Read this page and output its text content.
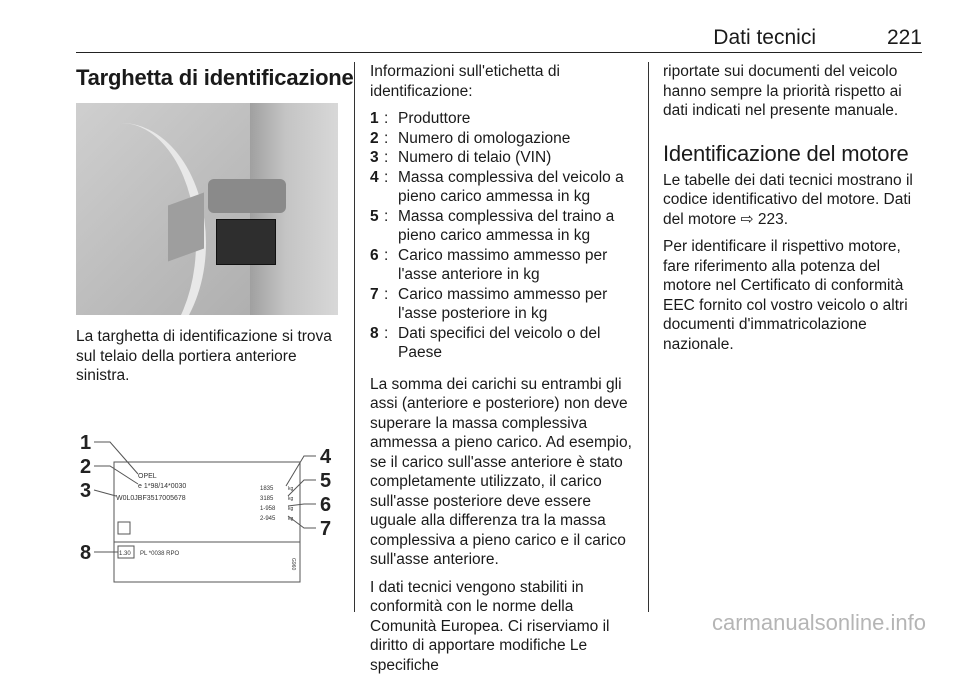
Dati tecnici	221
Targhetta di identificazione

La targhetta di identificazione si trova sul telaio della portiera anteriore sinistra.

OPEL
e 1*98/14*0030
W0L0JBF3517005678
1835
3185
1-958
2-945
kg
kg
kg
kg
1.30 PL *0038 RPO
G960
1
2
3
4
5
6
7
8

Informazioni sull'etichetta di identificazione:

1 : Produttore
2 : Numero di omologazione
3 : Numero di telaio (VIN)
4 : Massa complessiva del veicolo a pieno carico ammessa in kg
5 : Massa complessiva del traino a pieno carico ammessa in kg
6 : Carico massimo ammesso per l'asse anteriore in kg
7 : Carico massimo ammesso per l'asse posteriore in kg
8 : Dati specifici del veicolo o del Paese

La somma dei carichi su entrambi gli assi (anteriore e posteriore) non deve superare la massa complessiva ammessa a pieno carico. Ad esempio, se il carico sull'asse anteriore è stato completamente utilizzato, il carico sull'asse posteriore deve essere uguale alla differenza tra la massa complessiva a pieno carico e il carico sull'asse anteriore.

I dati tecnici vengono stabiliti in conformità con le norme della Comunità Europea. Ci riserviamo il diritto di apportare modifiche Le specifiche

riportate sui documenti del veicolo hanno sempre la priorità rispetto ai dati indicati nel presente manuale.

Identificazione del motore

Le tabelle dei dati tecnici mostrano il codice identificativo del motore. Dati del motore ⇨ 223.

Per identificare il rispettivo motore, fare riferimento alla potenza del motore nel Certificato di conformità EEC fornito col vostro veicolo o altri documenti d'immatricolazione nazionale.

carmanualsonline.info
